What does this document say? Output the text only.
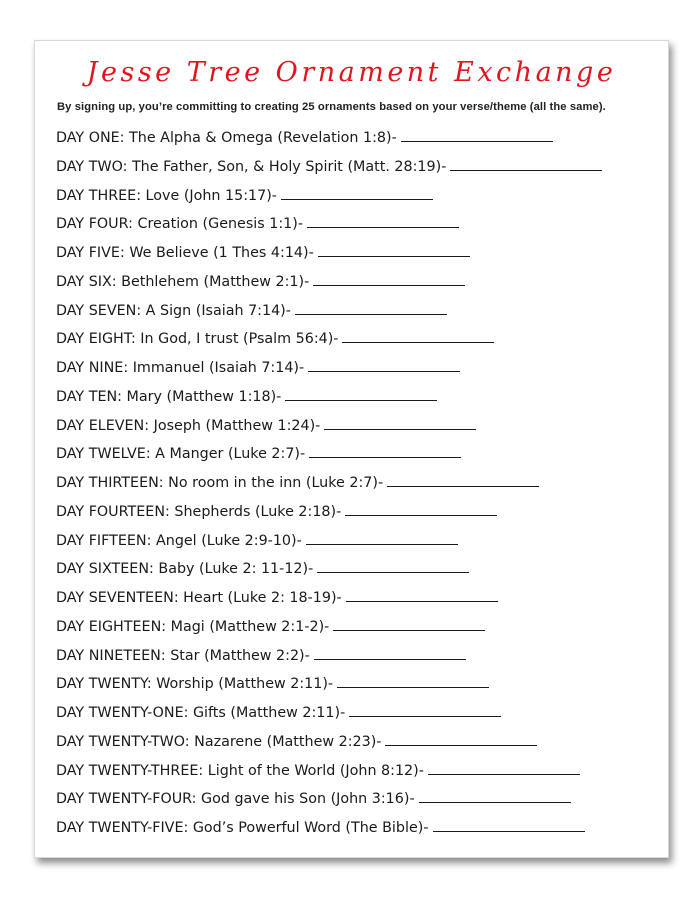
Jesse Tree Ornament Exchange
By signing up, you’re committing to creating 25 ornaments based on your verse/theme (all the same).
DAY ONE: The Alpha & Omega (Revelation 1:8)-
DAY TWO: The Father, Son, & Holy Spirit (Matt. 28:19)-
DAY THREE: Love (John 15:17)-
DAY FOUR: Creation (Genesis 1:1)-
DAY FIVE: We Believe (1 Thes 4:14)-
DAY SIX: Bethlehem (Matthew 2:1)-
DAY SEVEN: A Sign (Isaiah 7:14)-
DAY EIGHT: In God, I trust (Psalm 56:4)-
DAY NINE: Immanuel (Isaiah 7:14)-
DAY TEN: Mary (Matthew 1:18)-
DAY ELEVEN: Joseph (Matthew 1:24)-
DAY TWELVE: A Manger (Luke 2:7)-
DAY THIRTEEN: No room in the inn (Luke 2:7)-
DAY FOURTEEN: Shepherds (Luke 2:18)-
DAY FIFTEEN: Angel (Luke 2:9-10)-
DAY SIXTEEN: Baby (Luke 2: 11-12)-
DAY SEVENTEEN: Heart (Luke 2: 18-19)-
DAY EIGHTEEN: Magi (Matthew 2:1-2)-
DAY NINETEEN: Star (Matthew 2:2)-
DAY TWENTY: Worship (Matthew 2:11)-
DAY TWENTY-ONE: Gifts (Matthew 2:11)-
DAY TWENTY-TWO: Nazarene (Matthew 2:23)-
DAY TWENTY-THREE: Light of the World (John 8:12)-
DAY TWENTY-FOUR: God gave his Son (John 3:16)-
DAY TWENTY-FIVE: God’s Powerful Word (The Bible)-
